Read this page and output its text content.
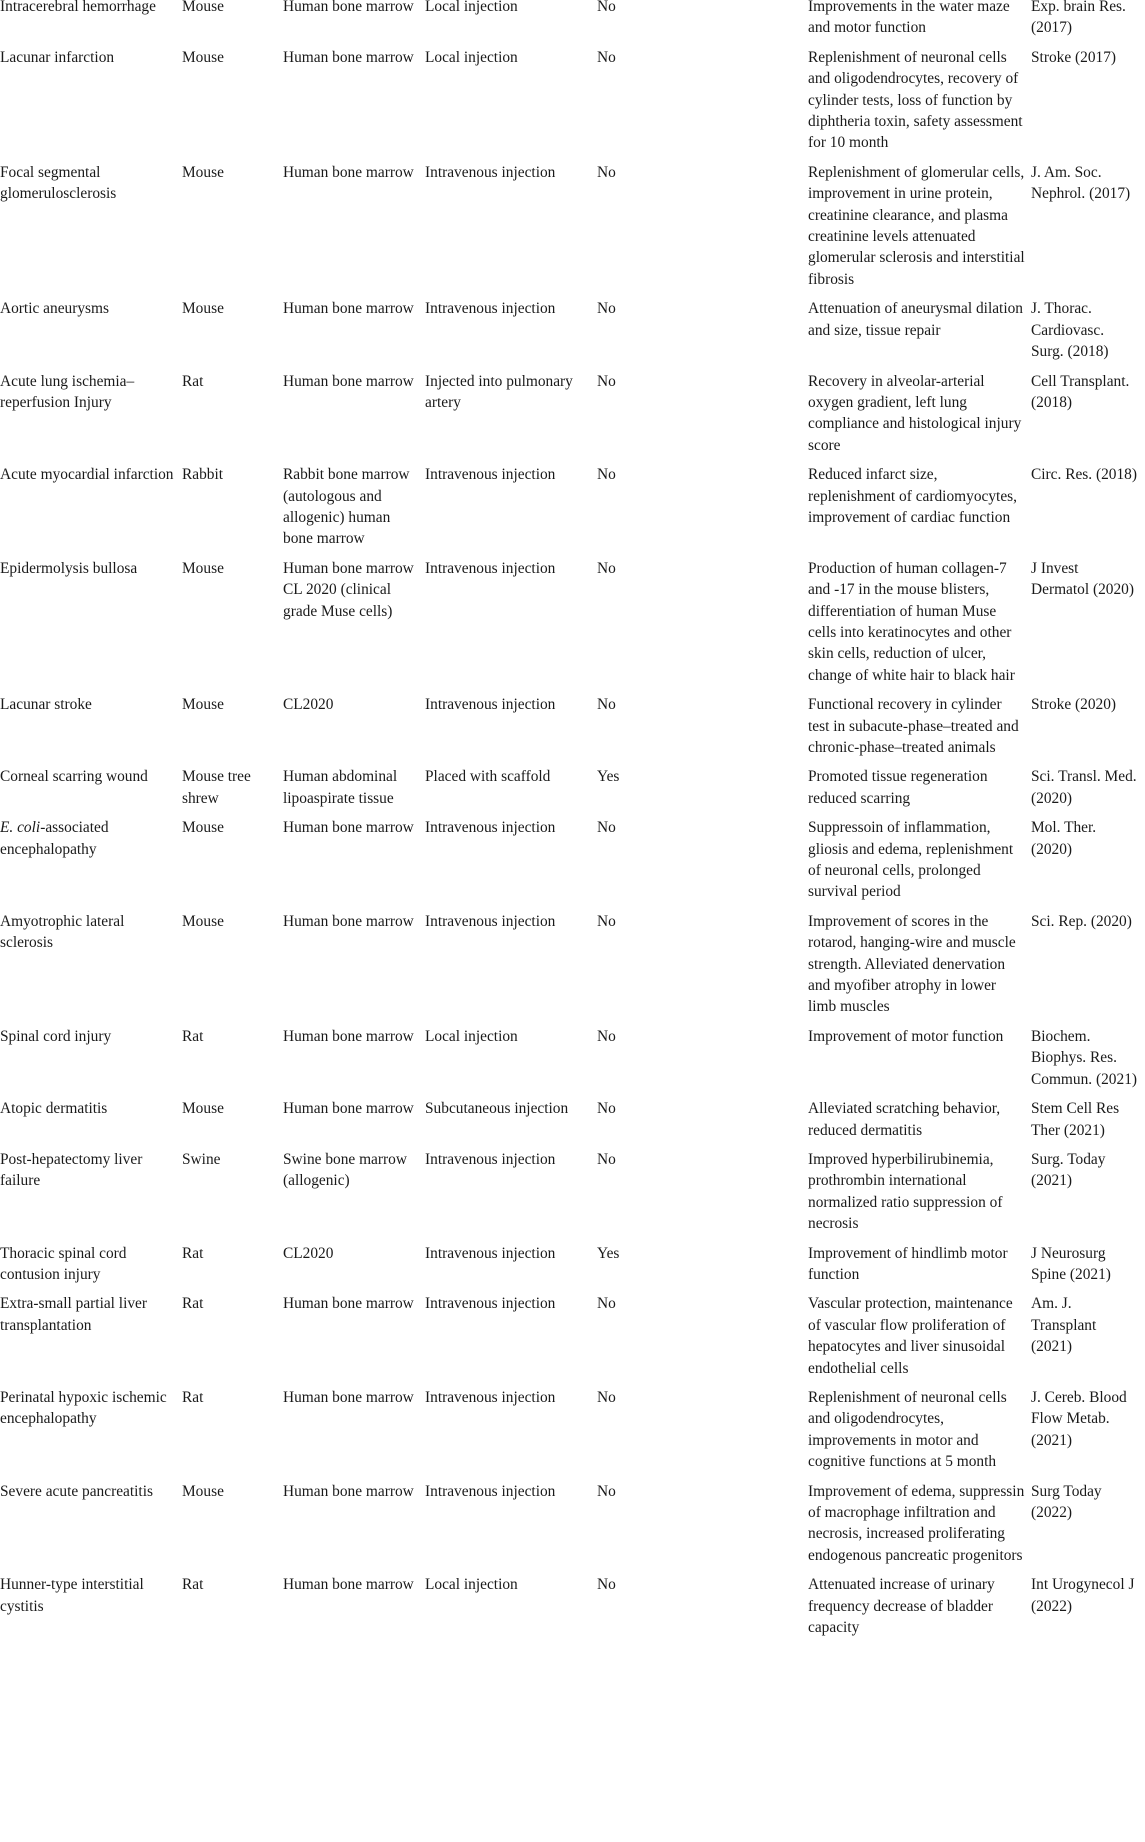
Intracerebral hemorrhage	Mouse	Human bone marrow	Local injection	No	Improvements in the water maze and motor function	Exp. brain Res. (2017)
Lacunar infarction	Mouse	Human bone marrow	Local injection	No	Replenishment of neuronal cells and oligodendrocytes, recovery of cylinder tests, loss of function by diphtheria toxin, safety assessment for 10 month	Stroke (2017)
Focal segmental glomerulosclerosis	Mouse	Human bone marrow	Intravenous injection	No	Replenishment of glomerular cells, improvement in urine protein, creatinine clearance, and plasma creatinine levels attenuated glomerular sclerosis and interstitial fibrosis	J. Am. Soc. Nephrol. (2017)
Aortic aneurysms	Mouse	Human bone marrow	Intravenous injection	No	Attenuation of aneurysmal dilation and size, tissue repair	J. Thorac. Cardiovasc. Surg. (2018)
Acute lung ischemia–reperfusion Injury	Rat	Human bone marrow	Injected into pulmonary artery	No	Recovery in alveolar-arterial oxygen gradient, left lung compliance and histological injury score	Cell Transplant. (2018)
Acute myocardial infarction	Rabbit	Rabbit bone marrow (autologous and allogenic) human bone marrow	Intravenous injection	No	Reduced infarct size, replenishment of cardiomyocytes, improvement of cardiac function	Circ. Res. (2018)
Epidermolysis bullosa	Mouse	Human bone marrow CL 2020 (clinical grade Muse cells)	Intravenous injection	No	Production of human collagen-7 and -17 in the mouse blisters, differentiation of human Muse cells into keratinocytes and other skin cells, reduction of ulcer, change of white hair to black hair	J Invest Dermatol (2020)
Lacunar stroke	Mouse	CL2020	Intravenous injection	No	Functional recovery in cylinder test in subacute-phase–treated and chronic-phase–treated animals	Stroke (2020)
Corneal scarring wound	Mouse tree shrew	Human abdominal lipoaspirate tissue	Placed with scaffold	Yes	Promoted tissue regeneration reduced scarring	Sci. Transl. Med. (2020)
E. coli-associated encephalopathy	Mouse	Human bone marrow	Intravenous injection	No	Suppressoin of inflammation, gliosis and edema, replenishment of neuronal cells, prolonged survival period	Mol. Ther. (2020)
Amyotrophic lateral sclerosis	Mouse	Human bone marrow	Intravenous injection	No	Improvement of scores in the rotarod, hanging-wire and muscle strength. Alleviated denervation and myofiber atrophy in lower limb muscles	Sci. Rep. (2020)
Spinal cord injury	Rat	Human bone marrow	Local injection	No	Improvement of motor function	Biochem. Biophys. Res. Commun. (2021)
Atopic dermatitis	Mouse	Human bone marrow	Subcutaneous injection	No	Alleviated scratching behavior, reduced dermatitis	Stem Cell Res Ther (2021)
Post-hepatectomy liver failure	Swine	Swine bone marrow (allogenic)	Intravenous injection	No	Improved hyperbilirubinemia, prothrombin international normalized ratio suppression of necrosis	Surg. Today (2021)
Thoracic spinal cord contusion injury	Rat	CL2020	Intravenous injection	Yes	Improvement of hindlimb motor function	J Neurosurg Spine (2021)
Extra-small partial liver transplantation	Rat	Human bone marrow	Intravenous injection	No	Vascular protection, maintenance of vascular flow proliferation of hepatocytes and liver sinusoidal endothelial cells	Am. J. Transplant (2021)
Perinatal hypoxic ischemic encephalopathy	Rat	Human bone marrow	Intravenous injection	No	Replenishment of neuronal cells and oligodendrocytes, improvements in motor and cognitive functions at 5 month	J. Cereb. Blood Flow Metab. (2021)
Severe acute pancreatitis	Mouse	Human bone marrow	Intravenous injection	No	Improvement of edema, suppressin of macrophage infiltration and necrosis, increased proliferating endogenous pancreatic progenitors	Surg Today (2022)
Hunner-type interstitial cystitis	Rat	Human bone marrow	Local injection	No	Attenuated increase of urinary frequency decrease of bladder capacity	Int Urogynecol J (2022)
